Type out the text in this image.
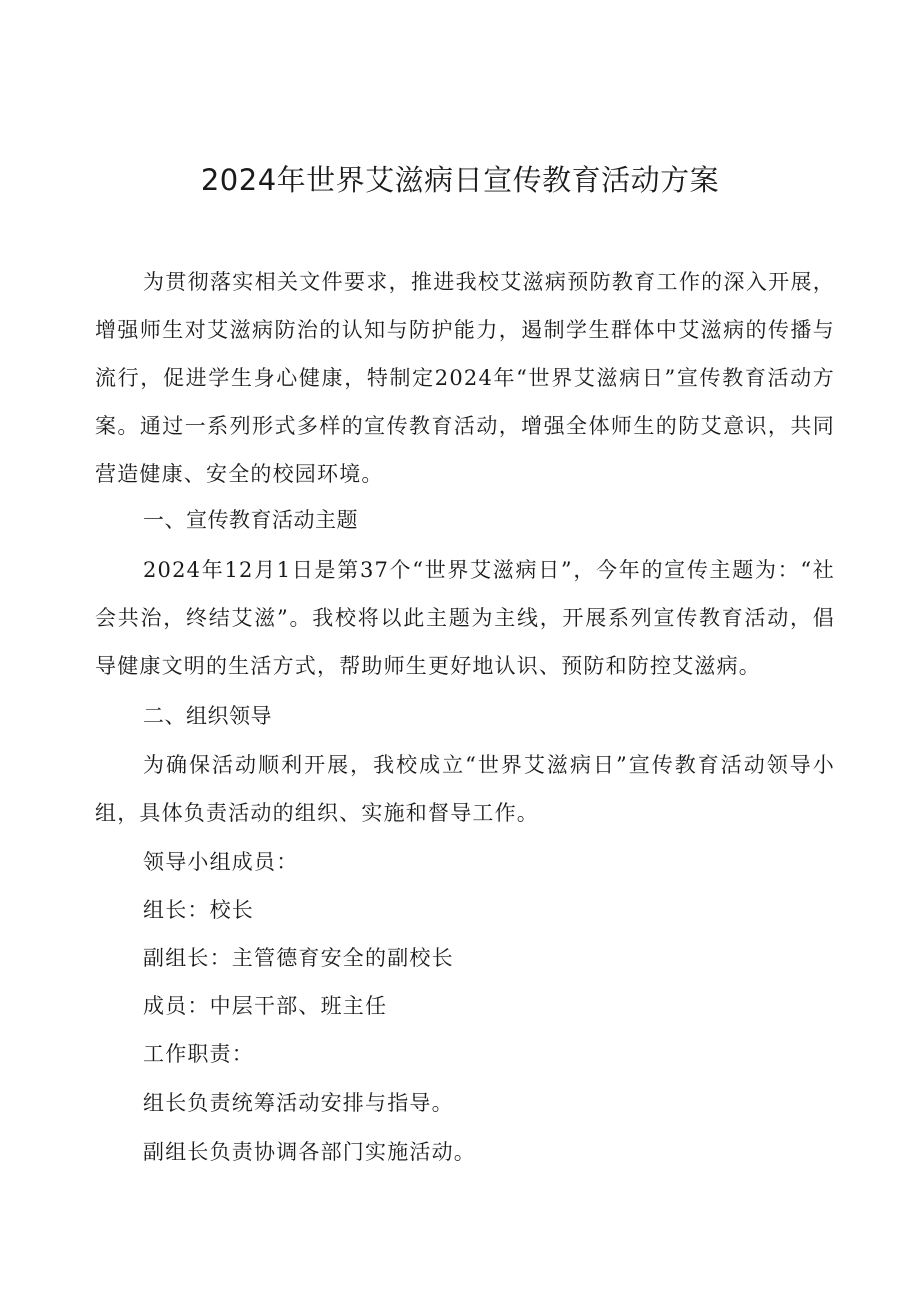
2024年世界艾滋病日宣传教育活动方案

为贯彻落实相关文件要求，推进我校艾滋病预防教育工作的深入开展，增强师生对艾滋病防治的认知与防护能力，遏制学生群体中艾滋病的传播与流行，促进学生身心健康，特制定2024年“世界艾滋病日”宣传教育活动方案。通过一系列形式多样的宣传教育活动，增强全体师生的防艾意识，共同营造健康、安全的校园环境。

一、宣传教育活动主题

2024年12月1日是第37个“世界艾滋病日”，今年的宣传主题为：“社会共治，终结艾滋”。我校将以此主题为主线，开展系列宣传教育活动，倡导健康文明的生活方式，帮助师生更好地认识、预防和防控艾滋病。

二、组织领导

为确保活动顺利开展，我校成立“世界艾滋病日”宣传教育活动领导小组，具体负责活动的组织、实施和督导工作。

领导小组成员：

组长：校长

副组长：主管德育安全的副校长

成员：中层干部、班主任

工作职责：

组长负责统筹活动安排与指导。

副组长负责协调各部门实施活动。
